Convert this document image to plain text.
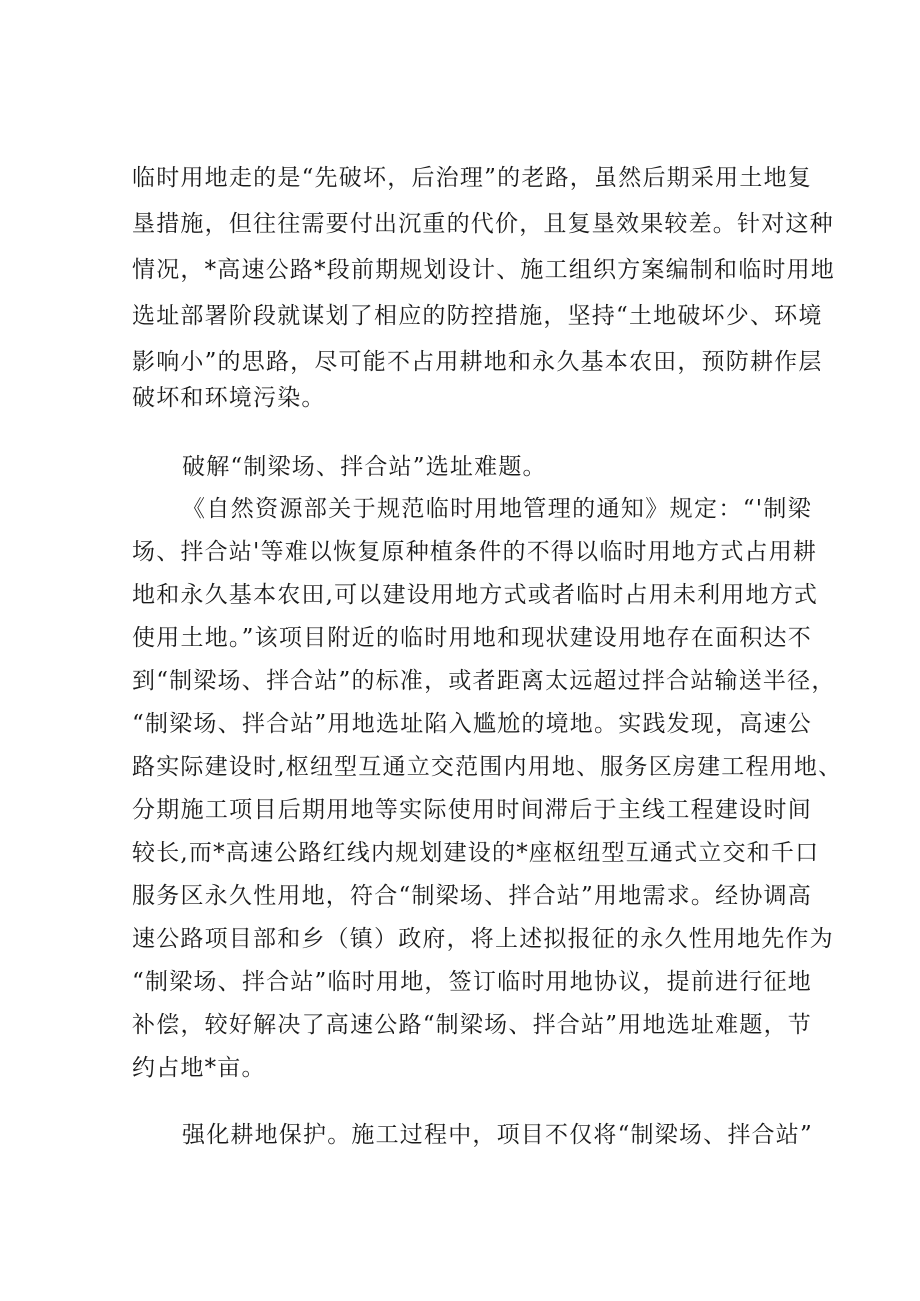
临时用地走的是“先破坏，后治理”的老路，虽然后期采用土地复
垦措施，但往往需要付出沉重的代价，且复垦效果较差。针对这种
情况，*高速公路*段前期规划设计、施工组织方案编制和临时用地
选址部署阶段就谋划了相应的防控措施，坚持“土地破坏少、环境
影响小”的思路，尽可能不占用耕地和永久基本农田，预防耕作层
破坏和环境污染。
破解“制梁场、拌合站”选址难题。
《自然资源部关于规范临时用地管理的通知》规定：“'制梁
场、拌合站'等难以恢复原种植条件的不得以临时用地方式占用耕
地和永久基本农田,可以建设用地方式或者临时占用未利用地方式
使用土地。”该项目附近的临时用地和现状建设用地存在面积达不
到“制梁场、拌合站”的标准，或者距离太远超过拌合站输送半径，
“制梁场、拌合站”用地选址陷入尴尬的境地。实践发现，高速公
路实际建设时,枢纽型互通立交范围内用地、服务区房建工程用地、
分期施工项目后期用地等实际使用时间滞后于主线工程建设时间
较长,而*高速公路红线内规划建设的*座枢纽型互通式立交和千口
服务区永久性用地，符合“制梁场、拌合站”用地需求。经协调高
速公路项目部和乡（镇）政府，将上述拟报征的永久性用地先作为
“制梁场、拌合站”临时用地，签订临时用地协议，提前进行征地
补偿，较好解决了高速公路“制梁场、拌合站”用地选址难题，节
约占地*亩。
强化耕地保护。施工过程中，项目不仅将“制梁场、拌合站”
